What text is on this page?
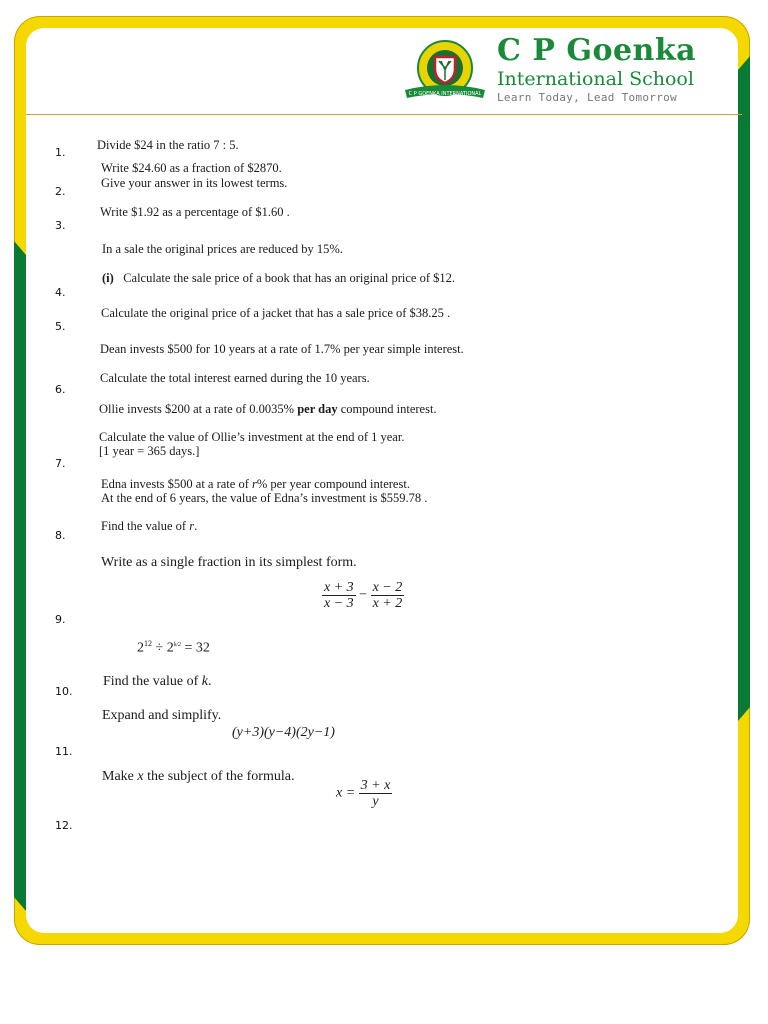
C P GOENKA INTERNATIONAL
C P Goenka
International School
Learn Today, Lead Tomorrow
1.
Divide $24 in the ratio 7 : 5.
Write $24.60 as a fraction of $2870.
Give your answer in its lowest terms.
2.
Write $1.92 as a percentage of $1.60 .
3.
In a sale the original prices are reduced by 15%.
(i) Calculate the sale price of a book that has an original price of $12.
4.
Calculate the original price of a jacket that has a sale price of $38.25 .
5.
Dean invests $500 for 10 years at a rate of 1.7% per year simple interest.
Calculate the total interest earned during the 10 years.
6.
Ollie invests $200 at a rate of 0.0035% per day compound interest.
Calculate the value of Ollie’s investment at the end of 1 year.
[1 year = 365 days.]
7.
Edna invests $500 at a rate of r% per year compound interest.
At the end of 6 years, the value of Edna’s investment is $559.78 .
Find the value of r.
8.
Write as a single fraction in its simplest form.
$\frac{x + 3}{x - 3} - \frac{x - 2}{x + 2}$
9.
$2^{12} \div 2^{k/2} = 32$
Find the value of k.
10.
Expand and simplify.
(y+3)(y−4)(2y−1)
11.
Make x the subject of the formula.
$x = \frac{3 + x}{y}$
12.
